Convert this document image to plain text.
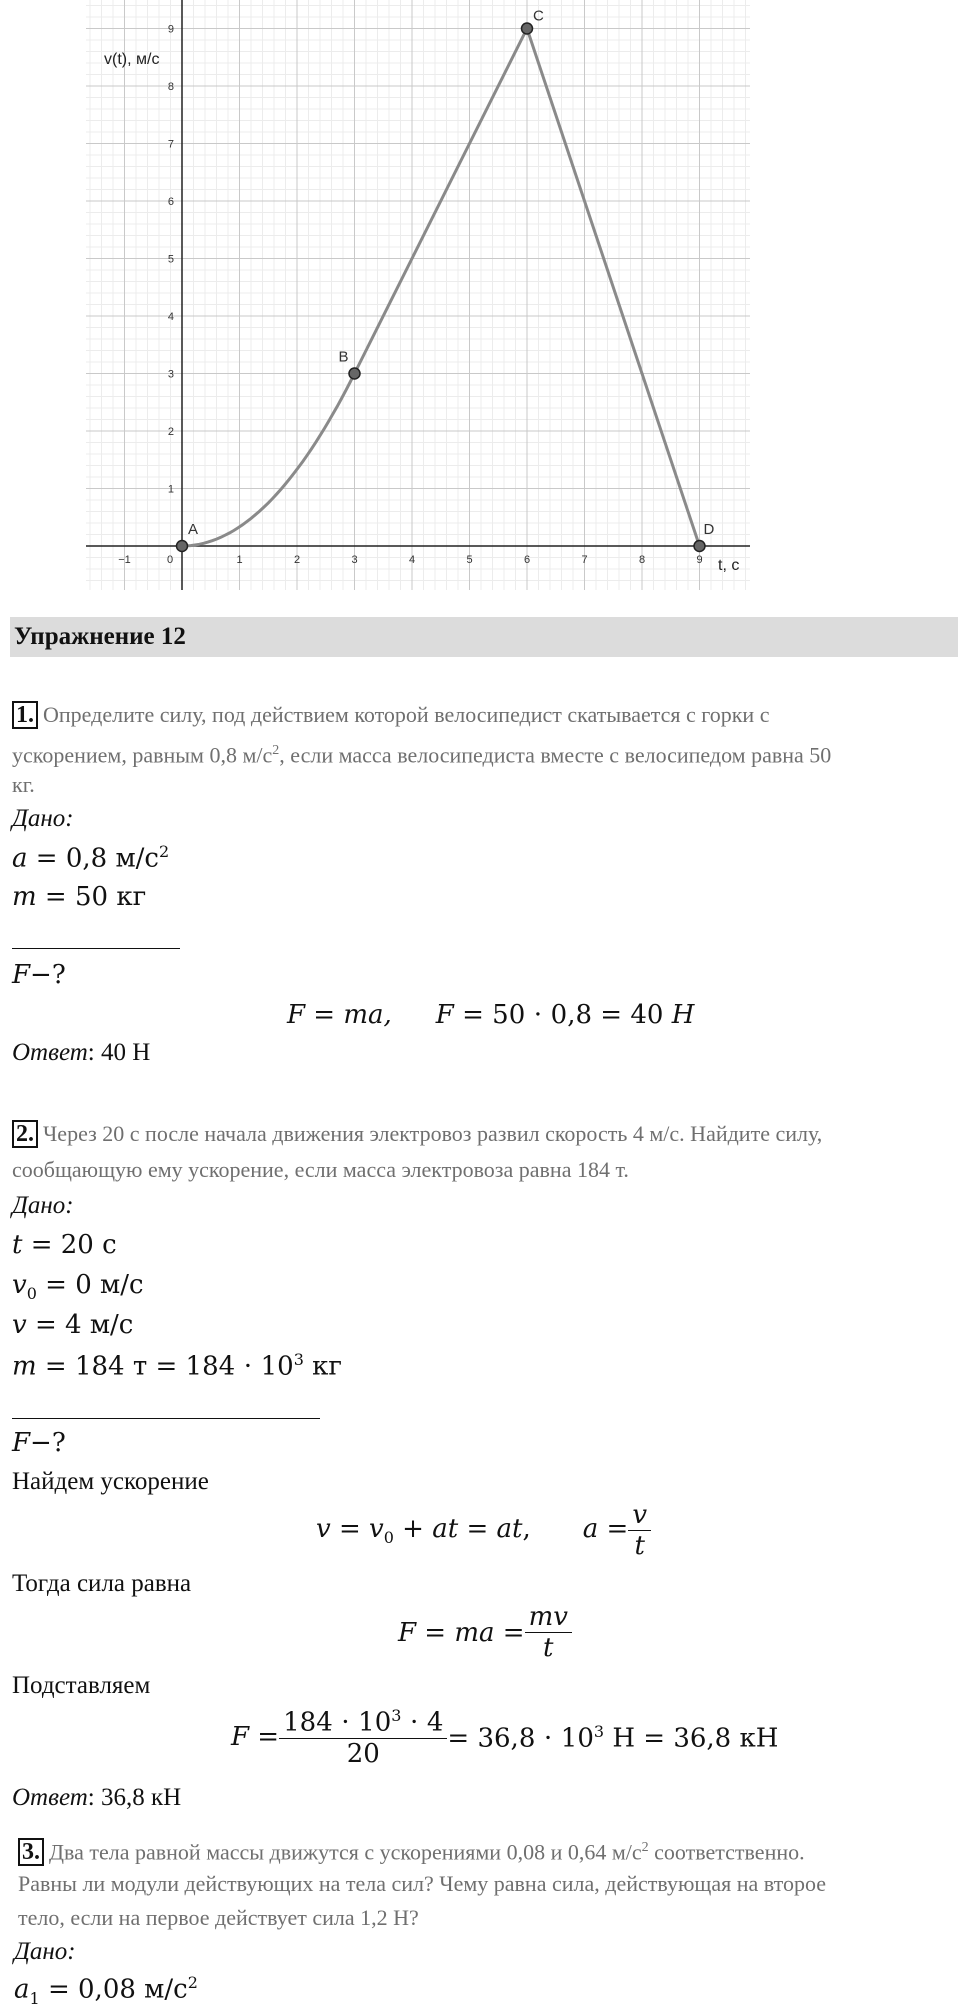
−1	0	1	2	3	4	5	6	7	8	9
1
2
3
4
5
6
7
8
9
A
B
C
D
v(t), м/с
t, c
Упражнение 12
1. Определите силу, под действием которой велосипедист скатывается с горки с
ускорением, равным 0,8 $м/с^2$, если масса велосипедиста вместе с велосипедом равна 50
кг.
Дано:
a = 0,8 $м/с^2$
m = 50 кг
F−?
F = ma, F = 50 ⋅ 0,8 = 40 H
Ответ: 40 Н
2. Через 20 с после начала движения электровоз развил скорость 4 м/с. Найдите силу,
сообщающую ему ускорение, если масса электровоза равна 184 т.
Дано:
t = 20 с
$v_0 = 0$ м/с
v = 4 м/с
m = 184 $т = 184 \cdot 10^3$ кг
F−?
Найдем ускорение
$v = v_0$ + at = at, $a = \frac{v}{t}$
Тогда сила равна
F = ma = $\frac{mv}{t}$
Подставляем
$F = \frac{184 \cdot 10^3 \cdot 4}{20} = 36,8 \cdot 10^3$ Н = 36,8 кН
Ответ: 36,8 кН
3. Два тела равной массы движутся с ускорениями 0,08 и 0,64 $м/с^2$ соответственно.
Равны ли модули действующих на тела сил? Чему равна сила, действующая на второе
тело, если на первое действует сила 1,2 Н?
Дано:
$a_1 = 0,08$ $м/с^2$
